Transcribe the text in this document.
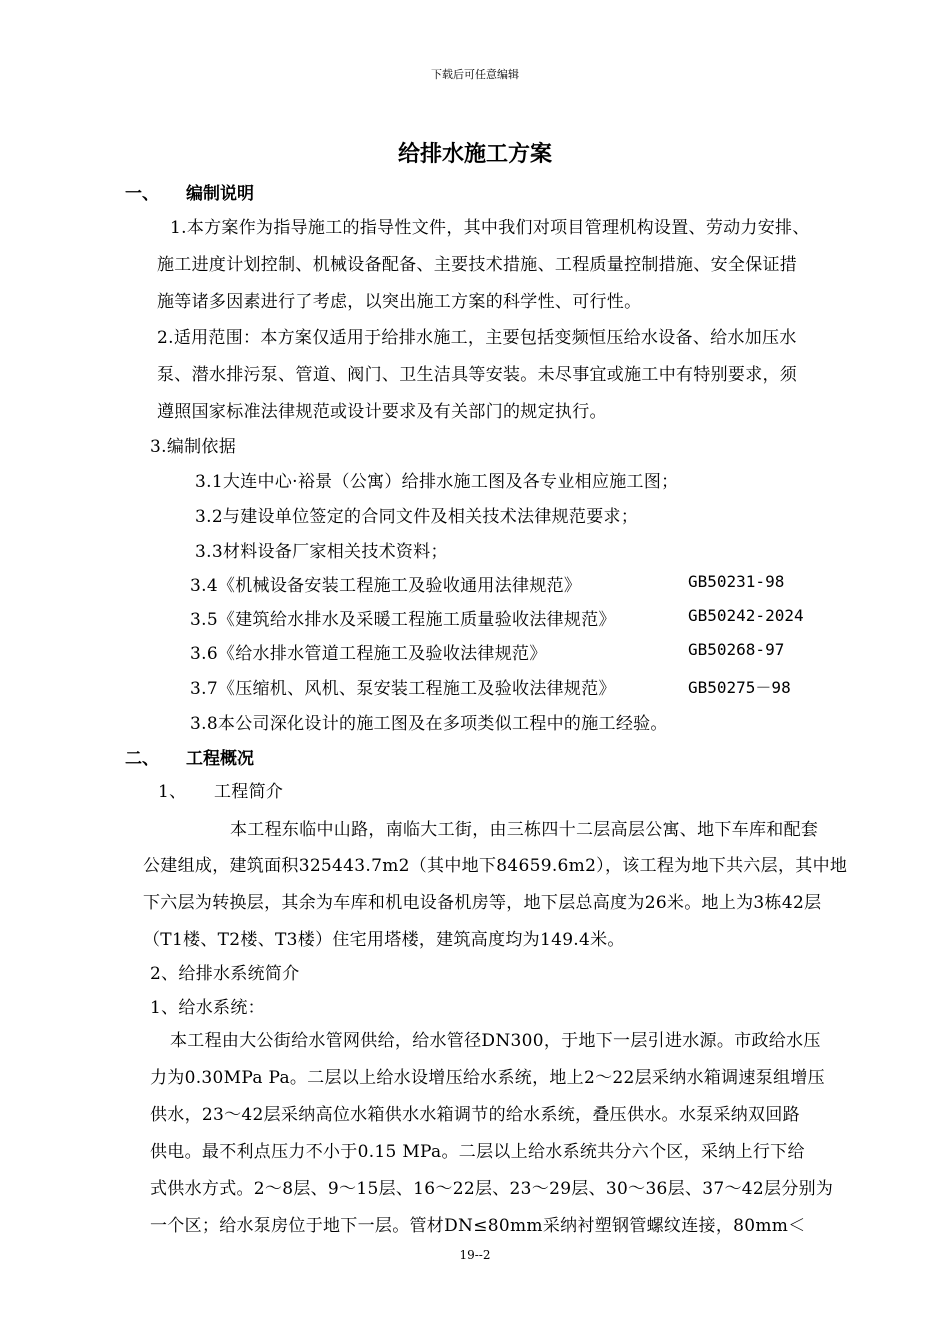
下载后可任意编辑
给排水施工方案
一、 编制说明
1.本方案作为指导施工的指导性文件，其中我们对项目管理机构设置、劳动力安排、
施工进度计划控制、机械设备配备、主要技术措施、工程质量控制措施、安全保证措
施等诸多因素进行了考虑，以突出施工方案的科学性、可行性。
2.适用范围：本方案仅适用于给排水施工，主要包括变频恒压给水设备、给水加压水
泵、潜水排污泵、管道、阀门、卫生洁具等安装。未尽事宜或施工中有特别要求，须
遵照国家标准法律规范或设计要求及有关部门的规定执行。
3.编制依据
3.1大连中心·裕景（公寓）给排水施工图及各专业相应施工图；
3.2与建设单位签定的合同文件及相关技术法律规范要求；
3.3材料设备厂家相关技术资料；
3.4《机械设备安装工程施工及验收通用法律规范》	GB50231-98
3.5《建筑给水排水及采暖工程施工质量验收法律规范》	GB50242-2024
3.6《给水排水管道工程施工及验收法律规范》	GB50268-97
3.7《压缩机、风机、泵安装工程施工及验收法律规范》	GB50275－98
3.8本公司深化设计的施工图及在多项类似工程中的施工经验。
二、 工程概况
1、 工程简介
本工程东临中山路，南临大工街，由三栋四十二层高层公寓、地下车库和配套
公建组成，建筑面积325443.7m2（其中地下84659.6m2），该工程为地下共六层，其中地
下六层为转换层，其余为车库和机电设备机房等，地下层总高度为26米。地上为3栋42层
（T1楼、T2楼、T3楼）住宅用塔楼，建筑高度均为149.4米。
2、给排水系统简介
1、给水系统：
本工程由大公街给水管网供给，给水管径DN300，于地下一层引进水源。市政给水压
力为0.30MPa Pa。二层以上给水设增压给水系统，地上2～22层采纳水箱调速泵组增压
供水，23～42层采纳高位水箱供水水箱调节的给水系统，叠压供水。水泵采纳双回路
供电。最不利点压力不小于0.15 MPa。二层以上给水系统共分六个区，采纳上行下给
式供水方式。2～8层、9～15层、16～22层、23～29层、30～36层、37～42层分别为
一个区；给水泵房位于地下一层。管材DN≤80mm采纳衬塑钢管螺纹连接，80mm＜
19--2
